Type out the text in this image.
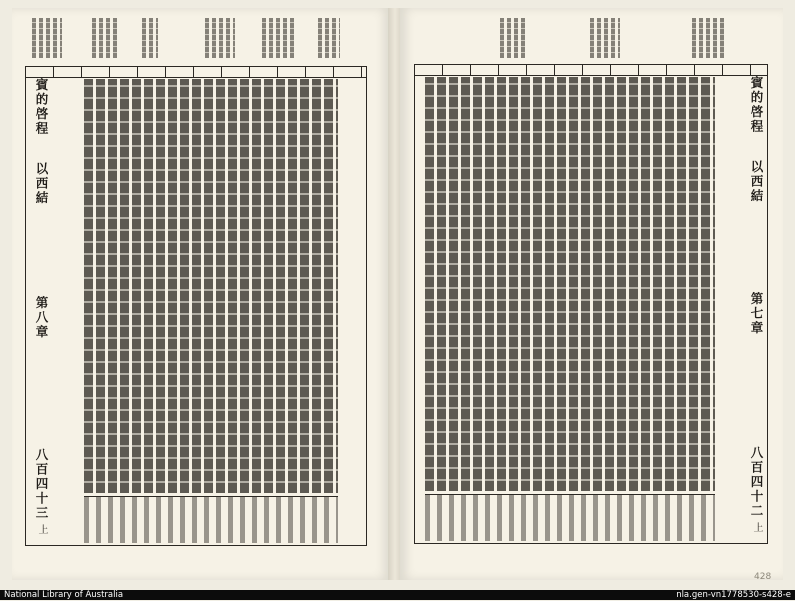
賓的啓程
以西結
第八章
八百四十三
上
賓的啓程
以西結
第七章
八百四十二
上
428
National Library of Australia	nla.gen-vn1778530-s428-e
